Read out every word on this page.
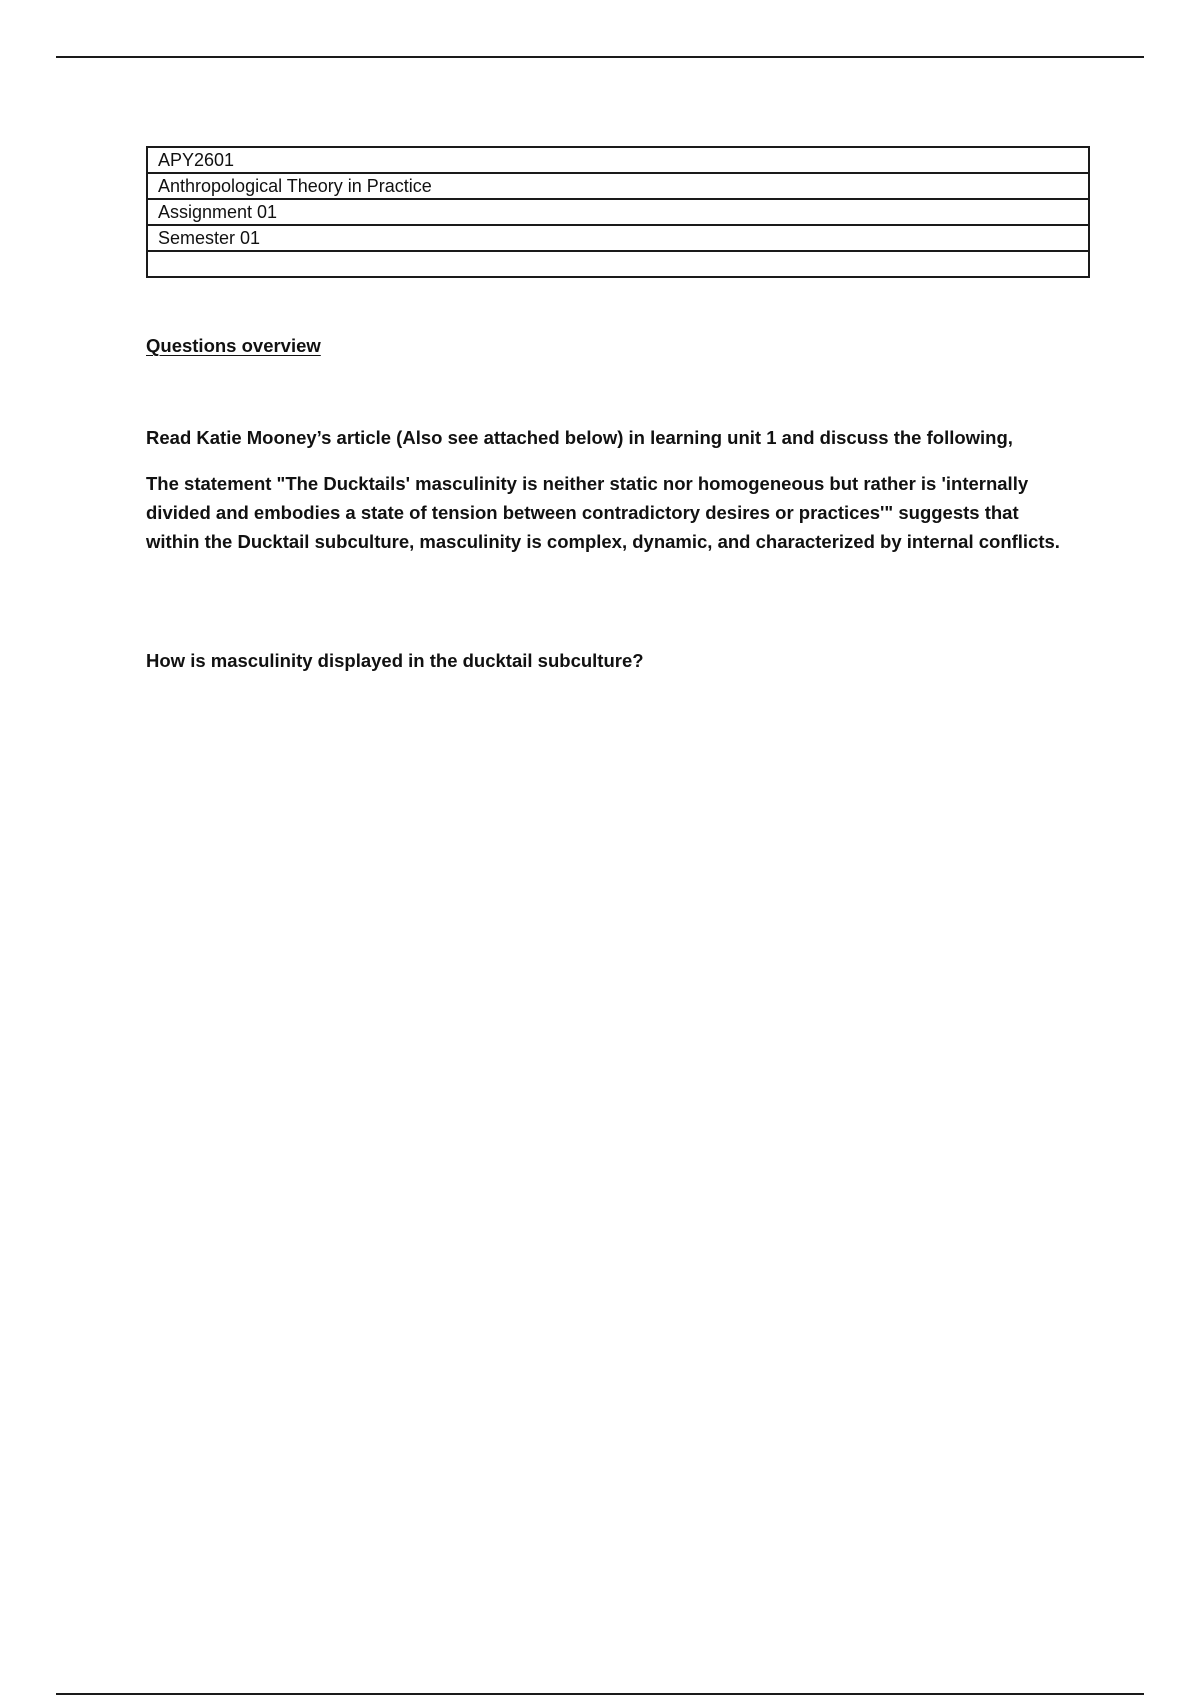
APY2601
Anthropological Theory in Practice
Assignment 01
Semester 01

Questions overview

Read Katie Mooney’s article (Also see attached below) in learning unit 1 and discuss the following,

The statement "The Ducktails' masculinity is neither static nor homogeneous but rather is 'internally divided and embodies a state of tension between contradictory desires or practices'" suggests that within the Ducktail subculture, masculinity is complex, dynamic, and characterized by internal conflicts.

How is masculinity displayed in the ducktail subculture?
